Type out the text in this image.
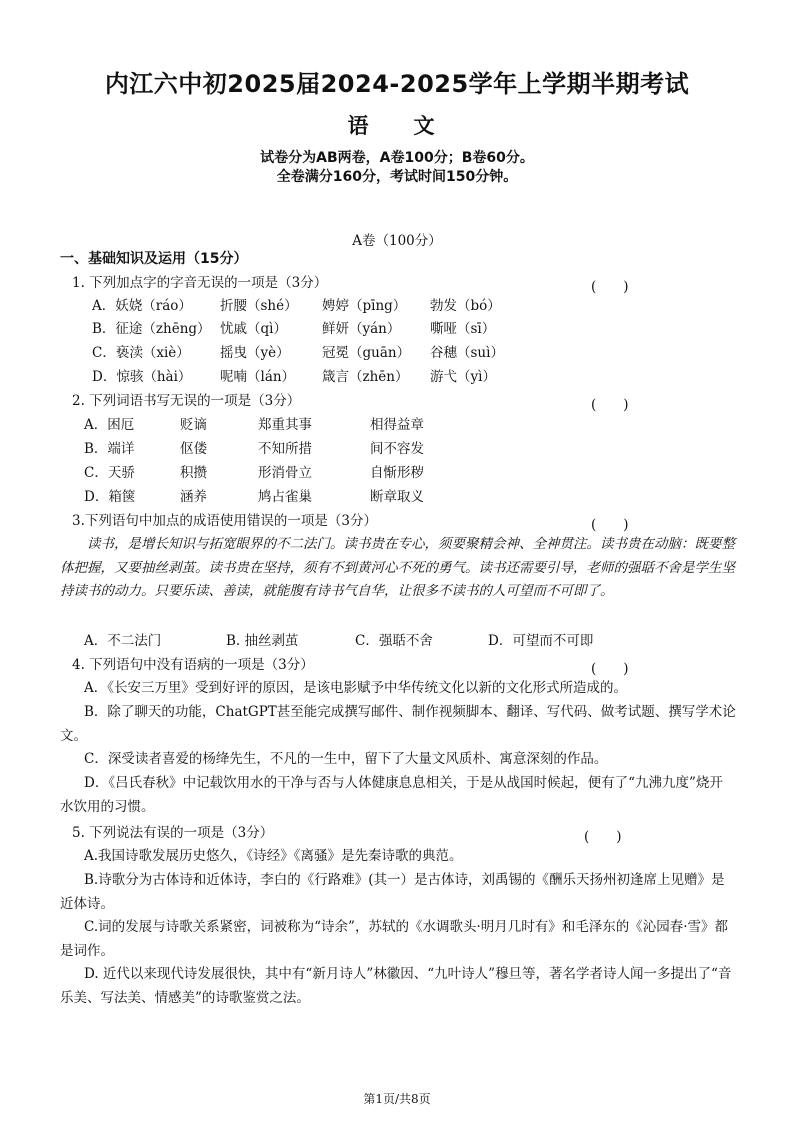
内江六中初2025届2024-2025学年上学期半期考试
语　文
试卷分为AB两卷，A卷100分；B卷60分。
全卷满分160分，考试时间150分钟。
A卷（100分）
一、基础知识及运用（15分）
1. 下列加点字的字音无误的一项是（3分）	(　　)
A．妖娆（ráo） 折腰（shé） 娉婷（pīng） 勃发（bó）
B．征途（zhēng） 忧戚（qì）	鲜妍（yán） 嘶哑（sī）
C．亵渎（xiè） 摇曳（yè） 冠冕（guān） 谷穗（suì）
D．惊骇（hài） 呢喃（lán） 箴言（zhēn） 游弋（yì）
2. 下列词语书写无误的一项是（3分）	(　　)
A．困厄	贬谪	郑重其事	相得益章
B．端详	伛偻	不知所措	间不容发
C．天骄	积攒	形消骨立	自惭形秽
D．箱箧	涵养	鸠占雀巢	断章取义
3.下列语句中加点的成语使用错误的一项是（3分）	(　　)
读书，是增长知识与拓宽眼界的不二法门。读书贵在专心，须要聚精会神、全神贯注。读书贵在动脑：既要整体把握，又要抽丝剥茧。读书贵在坚持，须有不到黄河心不死的勇气。读书还需要引导，老师的强聒不舍是学生坚持读书的动力。只要乐读、善读，就能腹有诗书气自华，让很多不读书的人可望而不可即了。
A．不二法门	B. 抽丝剥茧	C．强聒不舍	D．可望而不可即
4. 下列语句中没有语病的一项是（3分）	(　　)
A．《长安三万里》受到好评的原因，是该电影赋予中华传统文化以新的文化形式所造成的。
B．除了聊天的功能，ChatGPT甚至能完成撰写邮件、制作视频脚本、翻译、写代码、做考试题、撰写学术论文。
C．深受读者喜爱的杨绛先生，不凡的一生中，留下了大量文风质朴、寓意深刻的作品。
D．《吕氏春秋》中记载饮用水的干净与否与人体健康息息相关，于是从战国时候起，便有了“九沸九度”烧开水饮用的习惯。
5. 下列说法有误的一项是（3分）	(　　)
A.我国诗歌发展历史悠久，《诗经》《离骚》是先秦诗歌的典范。
B.诗歌分为古体诗和近体诗，李白的《行路难》(其一）是古体诗，刘禹锡的《酬乐天扬州初逢席上见赠》是近体诗。
C.词的发展与诗歌关系紧密，词被称为“诗余”，苏轼的《水调歌头·明月几时有》和毛泽东的《沁园春·雪》都是词作。
D. 近代以来现代诗发展很快，其中有“新月诗人”林徽因、“九叶诗人”穆旦等，著名学者诗人闻一多提出了“音乐美、写法美、情感美”的诗歌鉴赏之法。
第1页/共8页
